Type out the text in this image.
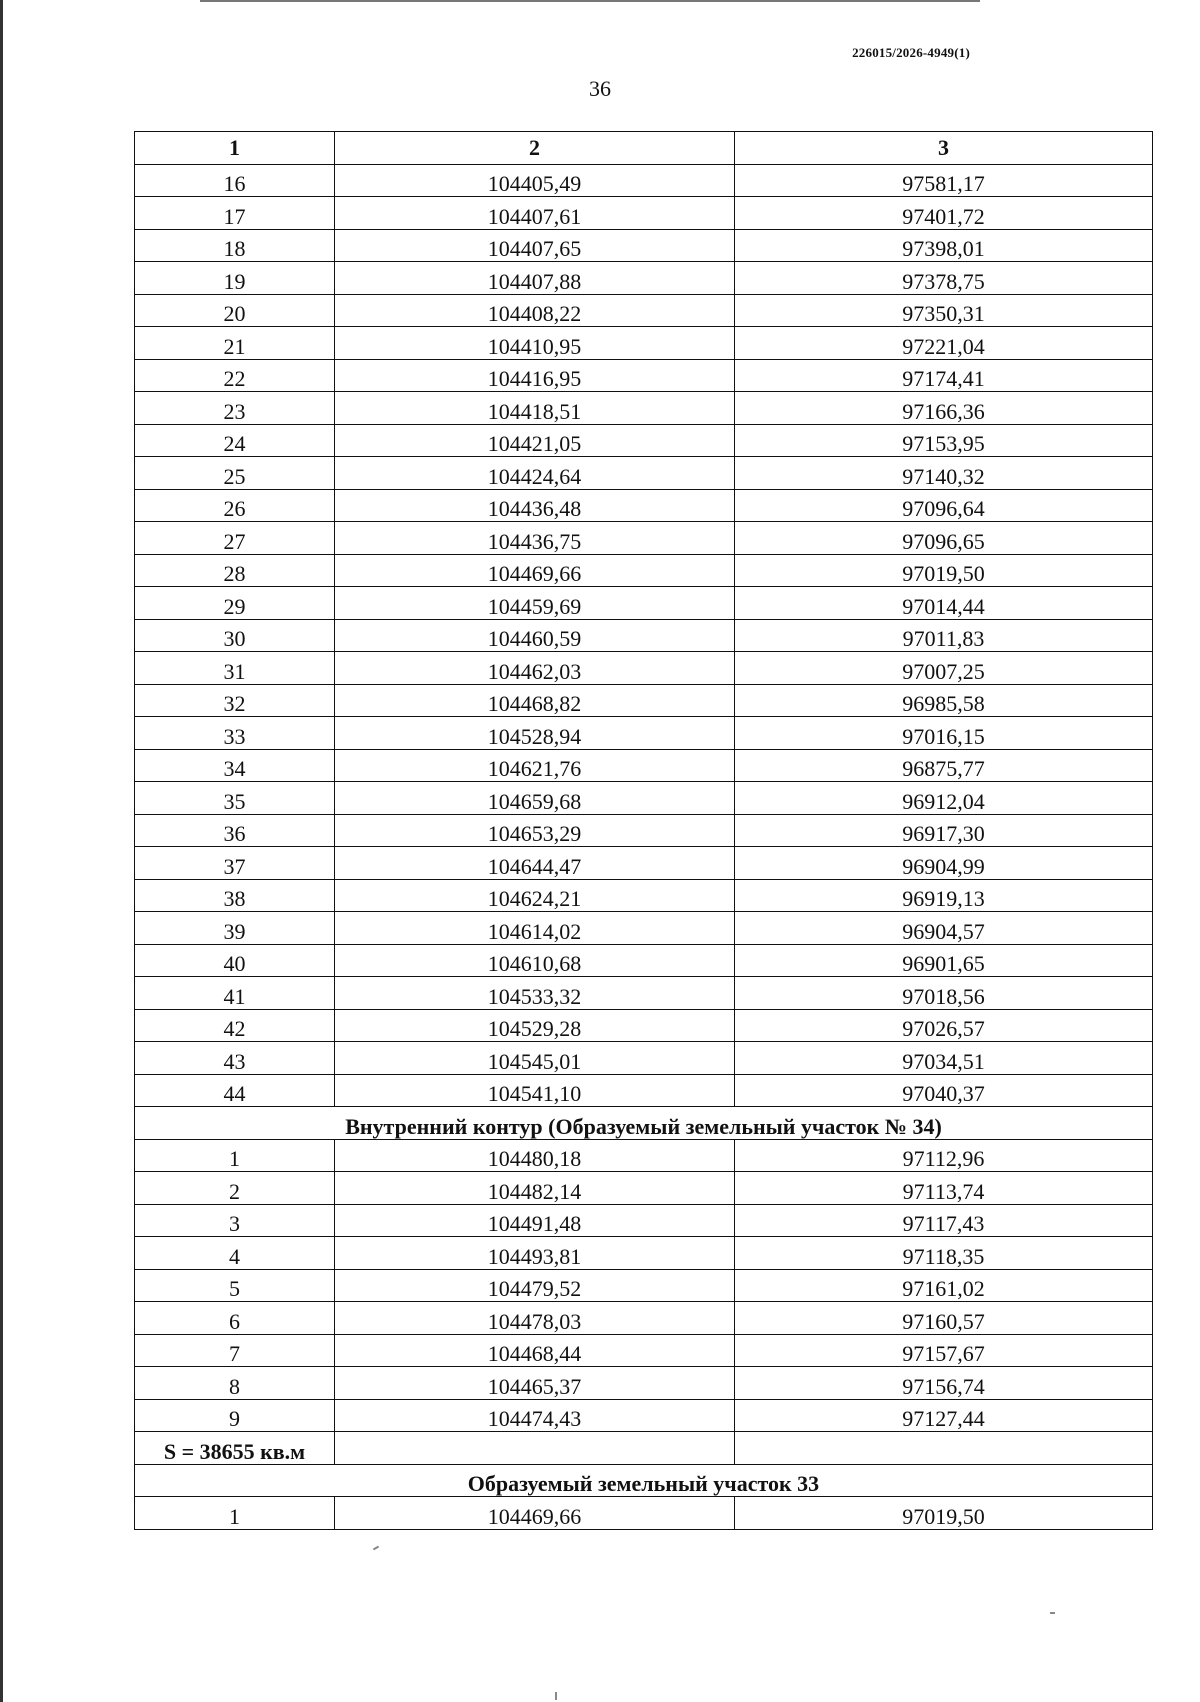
226015/2026-4949(1)
36
1	2	3
16	104405,49	97581,17
17	104407,61	97401,72
18	104407,65	97398,01
19	104407,88	97378,75
20	104408,22	97350,31
21	104410,95	97221,04
22	104416,95	97174,41
23	104418,51	97166,36
24	104421,05	97153,95
25	104424,64	97140,32
26	104436,48	97096,64
27	104436,75	97096,65
28	104469,66	97019,50
29	104459,69	97014,44
30	104460,59	97011,83
31	104462,03	97007,25
32	104468,82	96985,58
33	104528,94	97016,15
34	104621,76	96875,77
35	104659,68	96912,04
36	104653,29	96917,30
37	104644,47	96904,99
38	104624,21	96919,13
39	104614,02	96904,57
40	104610,68	96901,65
41	104533,32	97018,56
42	104529,28	97026,57
43	104545,01	97034,51
44	104541,10	97040,37
Внутренний контур (Образуемый земельный участок № 34)		
1	104480,18	97112,96
2	104482,14	97113,74
3	104491,48	97117,43
4	104493,81	97118,35
5	104479,52	97161,02
6	104478,03	97160,57
7	104468,44	97157,67
8	104465,37	97156,74
9	104474,43	97127,44
S = 38655 кв.м		
Образуемый земельный участок 33		
1	104469,66	97019,50
